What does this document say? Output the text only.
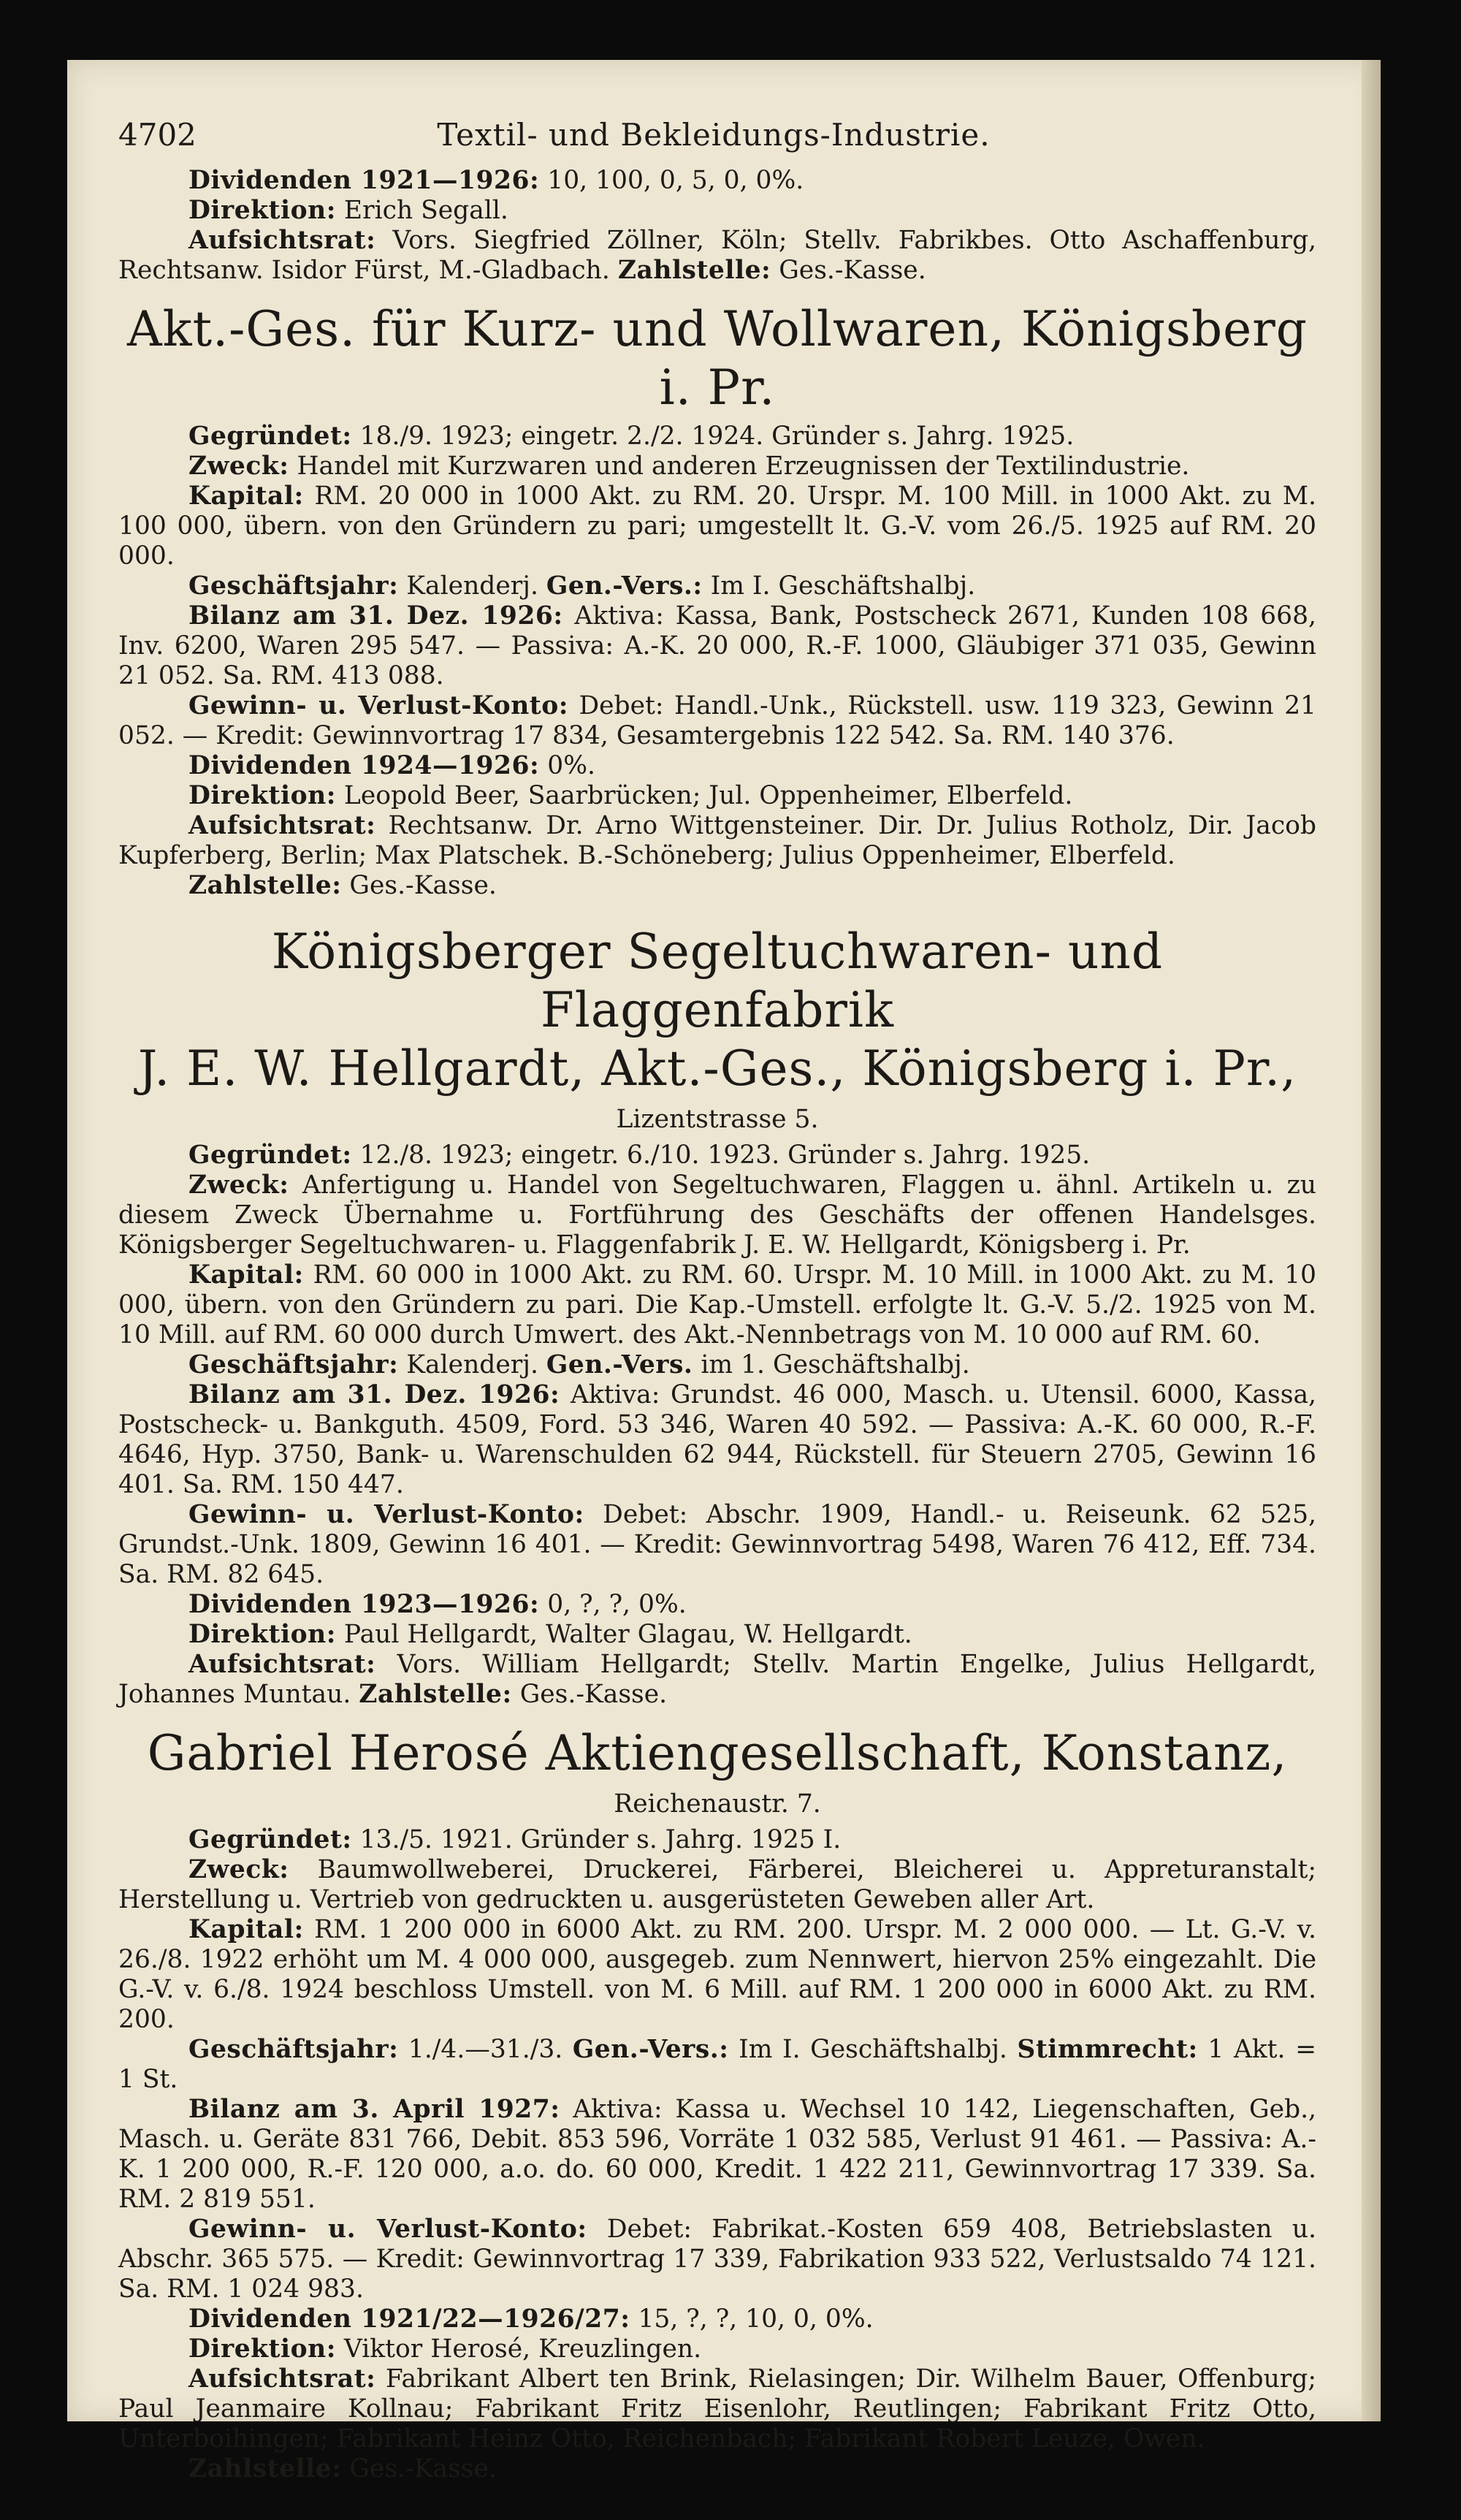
4702	Textil- und Bekleidungs-Industrie.

Dividenden 1921—1926: 10, 100, 0, 5, 0, 0%.

Direktion: Erich Segall.

Aufsichtsrat: Vors. Siegfried Zöllner, Köln; Stellv. Fabrikbes. Otto Aschaffenburg, Rechtsanw. Isidor Fürst, M.-Gladbach. Zahlstelle: Ges.-Kasse.

Akt.-Ges. für Kurz- und Wollwaren, Königsberg i. Pr.

Gegründet: 18./9. 1923; eingetr. 2./2. 1924. Gründer s. Jahrg. 1925.

Zweck: Handel mit Kurzwaren und anderen Erzeugnissen der Textilindustrie.

Kapital: RM. 20 000 in 1000 Akt. zu RM. 20. Urspr. M. 100 Mill. in 1000 Akt. zu M. 100 000, übern. von den Gründern zu pari; umgestellt lt. G.-V. vom 26./5. 1925 auf RM. 20 000.

Geschäftsjahr: Kalenderj. Gen.-Vers.: Im I. Geschäftshalbj.

Bilanz am 31. Dez. 1926: Aktiva: Kassa, Bank, Postscheck 2671, Kunden 108 668, Inv. 6200, Waren 295 547. — Passiva: A.-K. 20 000, R.-F. 1000, Gläubiger 371 035, Gewinn 21 052. Sa. RM. 413 088.

Gewinn- u. Verlust-Konto: Debet: Handl.-Unk., Rückstell. usw. 119 323, Gewinn 21 052. — Kredit: Gewinnvortrag 17 834, Gesamtergebnis 122 542. Sa. RM. 140 376.

Dividenden 1924—1926: 0%.

Direktion: Leopold Beer, Saarbrücken; Jul. Oppenheimer, Elberfeld.

Aufsichtsrat: Rechtsanw. Dr. Arno Wittgensteiner. Dir. Dr. Julius Rotholz, Dir. Jacob Kupferberg, Berlin; Max Platschek. B.-Schöneberg; Julius Oppenheimer, Elberfeld.

Zahlstelle: Ges.-Kasse.

Königsberger Segeltuchwaren- und Flaggenfabrik
J. E. W. Hellgardt, Akt.-Ges., Königsberg i. Pr.,
Lizentstrasse 5.

Gegründet: 12./8. 1923; eingetr. 6./10. 1923. Gründer s. Jahrg. 1925.

Zweck: Anfertigung u. Handel von Segeltuchwaren, Flaggen u. ähnl. Artikeln u. zu diesem Zweck Übernahme u. Fortführung des Geschäfts der offenen Handelsges. Königsberger Segeltuchwaren- u. Flaggenfabrik J. E. W. Hellgardt, Königsberg i. Pr.

Kapital: RM. 60 000 in 1000 Akt. zu RM. 60. Urspr. M. 10 Mill. in 1000 Akt. zu M. 10 000, übern. von den Gründern zu pari. Die Kap.-Umstell. erfolgte lt. G.-V. 5./2. 1925 von M. 10 Mill. auf RM. 60 000 durch Umwert. des Akt.-Nennbetrags von M. 10 000 auf RM. 60.

Geschäftsjahr: Kalenderj. Gen.-Vers. im 1. Geschäftshalbj.

Bilanz am 31. Dez. 1926: Aktiva: Grundst. 46 000, Masch. u. Utensil. 6000, Kassa, Postscheck- u. Bankguth. 4509, Ford. 53 346, Waren 40 592. — Passiva: A.-K. 60 000, R.-F. 4646, Hyp. 3750, Bank- u. Warenschulden 62 944, Rückstell. für Steuern 2705, Gewinn 16 401. Sa. RM. 150 447.

Gewinn- u. Verlust-Konto: Debet: Abschr. 1909, Handl.- u. Reiseunk. 62 525, Grundst.-Unk. 1809, Gewinn 16 401. — Kredit: Gewinnvortrag 5498, Waren 76 412, Eff. 734. Sa. RM. 82 645.

Dividenden 1923—1926: 0, ?, ?, 0%.

Direktion: Paul Hellgardt, Walter Glagau, W. Hellgardt.

Aufsichtsrat: Vors. William Hellgardt; Stellv. Martin Engelke, Julius Hellgardt, Johannes Muntau. Zahlstelle: Ges.-Kasse.

Gabriel Herosé Aktiengesellschaft, Konstanz,
Reichenaustr. 7.

Gegründet: 13./5. 1921. Gründer s. Jahrg. 1925 I.

Zweck: Baumwollweberei, Druckerei, Färberei, Bleicherei u. Appreturanstalt; Herstellung u. Vertrieb von gedruckten u. ausgerüsteten Geweben aller Art.

Kapital: RM. 1 200 000 in 6000 Akt. zu RM. 200. Urspr. M. 2 000 000. — Lt. G.-V. v. 26./8. 1922 erhöht um M. 4 000 000, ausgegeb. zum Nennwert, hiervon 25% eingezahlt. Die G.-V. v. 6./8. 1924 beschloss Umstell. von M. 6 Mill. auf RM. 1 200 000 in 6000 Akt. zu RM. 200.

Geschäftsjahr: 1./4.—31./3. Gen.-Vers.: Im I. Geschäftshalbj. Stimmrecht: 1 Akt. = 1 St.

Bilanz am 3. April 1927: Aktiva: Kassa u. Wechsel 10 142, Liegenschaften, Geb., Masch. u. Geräte 831 766, Debit. 853 596, Vorräte 1 032 585, Verlust 91 461. — Passiva: A.-K. 1 200 000, R.-F. 120 000, a.o. do. 60 000, Kredit. 1 422 211, Gewinnvortrag 17 339. Sa. RM. 2 819 551.

Gewinn- u. Verlust-Konto: Debet: Fabrikat.-Kosten 659 408, Betriebslasten u. Abschr. 365 575. — Kredit: Gewinnvortrag 17 339, Fabrikation 933 522, Verlustsaldo 74 121. Sa. RM. 1 024 983.

Dividenden 1921/22—1926/27: 15, ?, ?, 10, 0, 0%.

Direktion: Viktor Herosé, Kreuzlingen.

Aufsichtsrat: Fabrikant Albert ten Brink, Rielasingen; Dir. Wilhelm Bauer, Offenburg; Paul Jeanmaire Kollnau; Fabrikant Fritz Eisenlohr, Reutlingen; Fabrikant Fritz Otto, Unterboihingen; Fabrikant Heinz Otto, Reichenbach; Fabrikant Robert Leuze, Owen.

Zahlstelle: Ges.-Kasse.
